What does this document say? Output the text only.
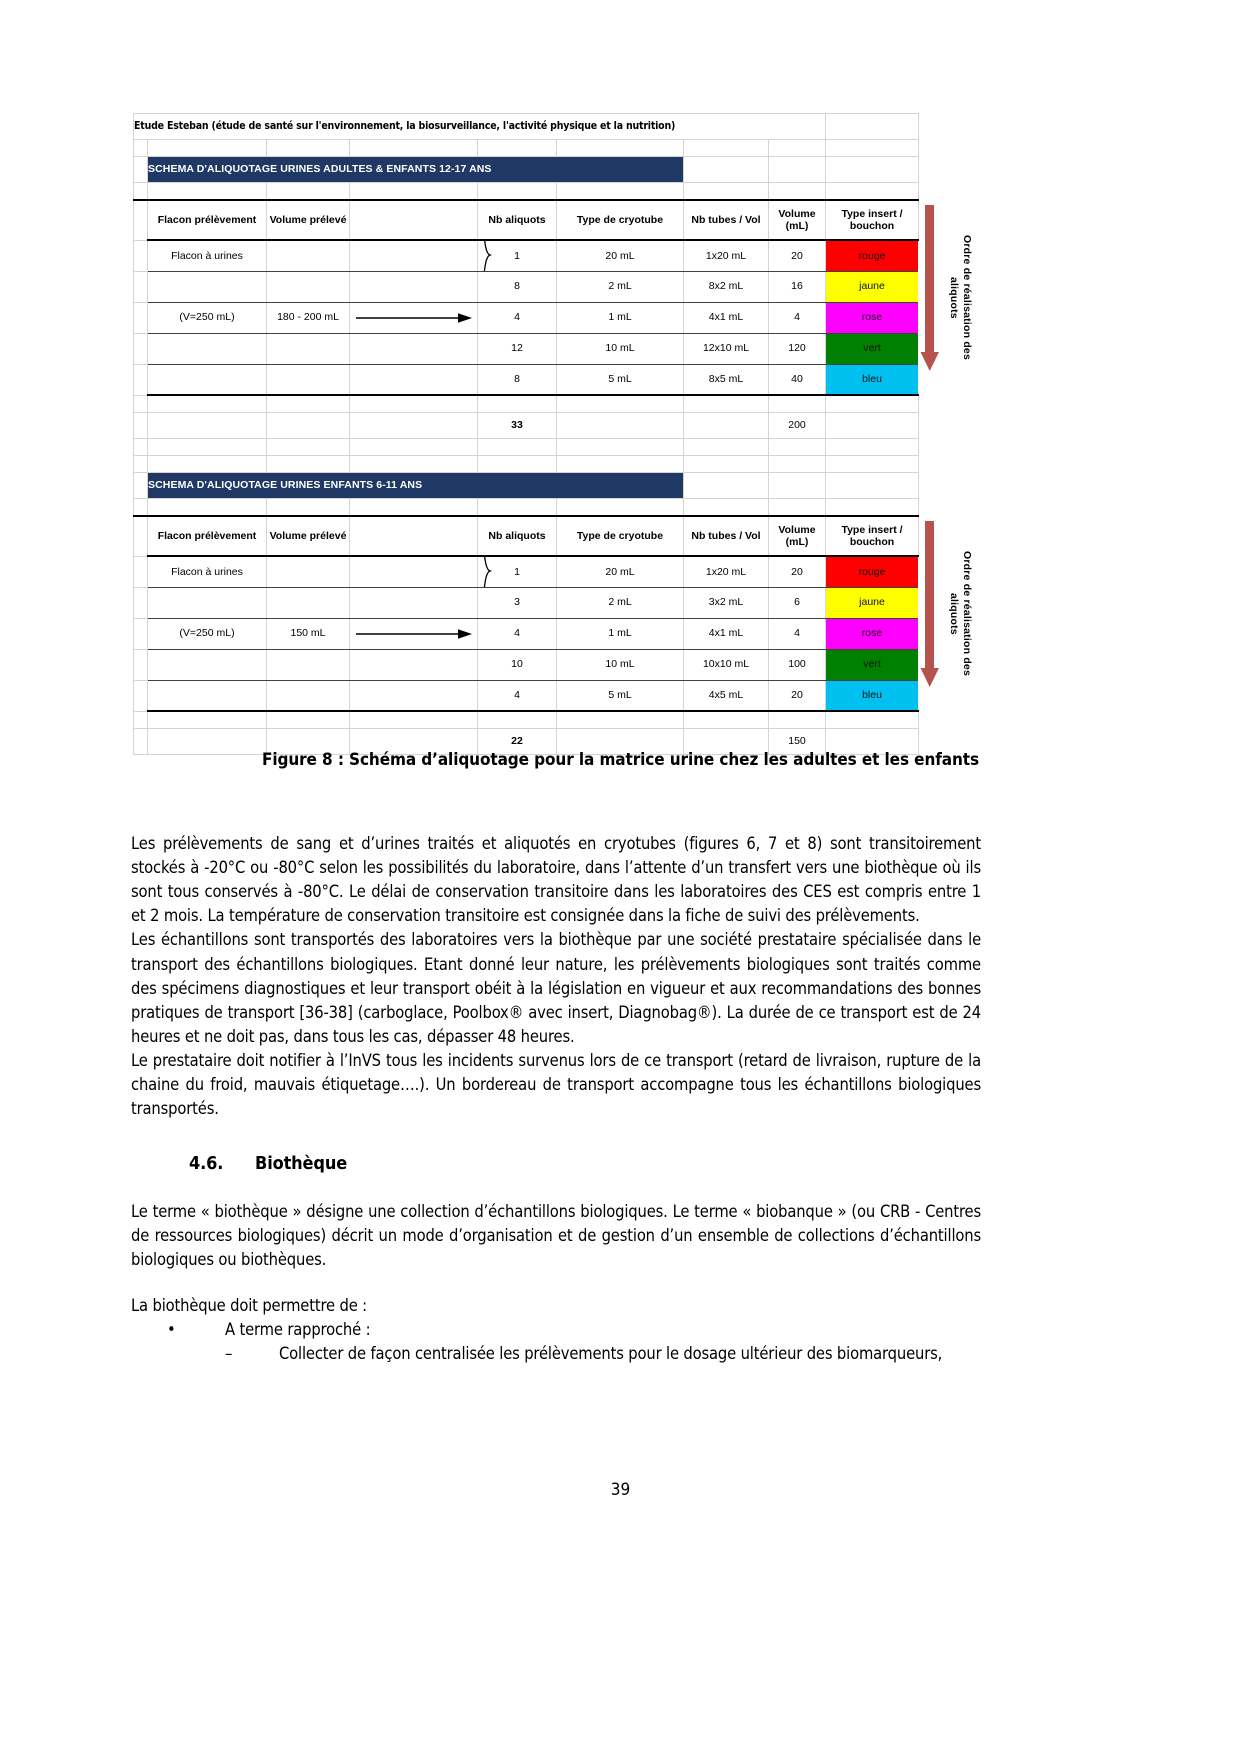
Etude Esteban (étude de santé sur l'environnement, la biosurveillance, l'activité physique et la nutrition)									

	SCHEMA D'ALIQUOTAGE URINES ADULTES & ENFANTS 12-17 ANS								

	Flacon prélèvement	Volume prélevé		Nb aliquots	Type de cryotube	Nb tubes / Vol	Volume (mL)	Type insert / bouchon	Ordre de réalisation des aliquots

	Flacon à urines			1	20 mL	1x20 mL	20	rouge	
				8	2 mL	8x2 mL	16	jaune	
	(V=250 mL)	180 - 200 mL		4	1 mL	4x1 mL	4	rose	
				12	10 mL	12x10 mL	120	vert	
				8	5 mL	8x5 mL	40	bleu	

				33			200		

	SCHEMA D'ALIQUOTAGE URINES ENFANTS 6-11 ANS								

	Flacon prélèvement	Volume prélevé		Nb aliquots	Type de cryotube	Nb tubes / Vol	Volume (mL)	Type insert / bouchon	Ordre de réalisation des aliquots

	Flacon à urines			1	20 mL	1x20 mL	20	rouge	
				3	2 mL	3x2 mL	6	jaune	
	(V=250 mL)	150 mL		4	1 mL	4x1 mL	4	rose	
				10	10 mL	10x10 mL	100	vert	
				4	5 mL	4x5 mL	20	bleu	

				22			150		
Figure 8 : Schéma d’aliquotage pour la matrice urine chez les adultes et les enfants

Les prélèvements de sang et d’urines traités et aliquotés en cryotubes (figures 6, 7 et 8) sont transitoirement stockés à -20°C ou -80°C selon les possibilités du laboratoire, dans l’attente d’un transfert vers une biothèque où ils sont tous conservés à -80°C. Le délai de conservation transitoire dans les laboratoires des CES est compris entre 1 et 2 mois. La température de conservation transitoire est consignée dans la fiche de suivi des prélèvements.

Les échantillons sont transportés des laboratoires vers la biothèque par une société prestataire spécialisée dans le transport des échantillons biologiques. Etant donné leur nature, les prélèvements biologiques sont traités comme des spécimens diagnostiques et leur transport obéit à la législation en vigueur et aux recommandations des bonnes pratiques de transport [36-38] (carboglace, Poolbox® avec insert, Diagnobag®). La durée de ce transport est de 24 heures et ne doit pas, dans tous les cas, dépasser 48 heures.

Le prestataire doit notifier à l’InVS tous les incidents survenus lors de ce transport (retard de livraison, rupture de la chaine du froid, mauvais étiquetage….). Un bordereau de transport accompagne tous les échantillons biologiques transportés.

4.6. Biothèque

Le terme « biothèque » désigne une collection d’échantillons biologiques. Le terme « biobanque » (ou CRB - Centres de ressources biologiques) décrit un mode d’organisation et de gestion d’un ensemble de collections d’échantillons biologiques ou biothèques.

La biothèque doit permettre de :

•	A terme rapproché :
–	Collecter de façon centralisée les prélèvements pour le dosage ultérieur des biomarqueurs,
39
